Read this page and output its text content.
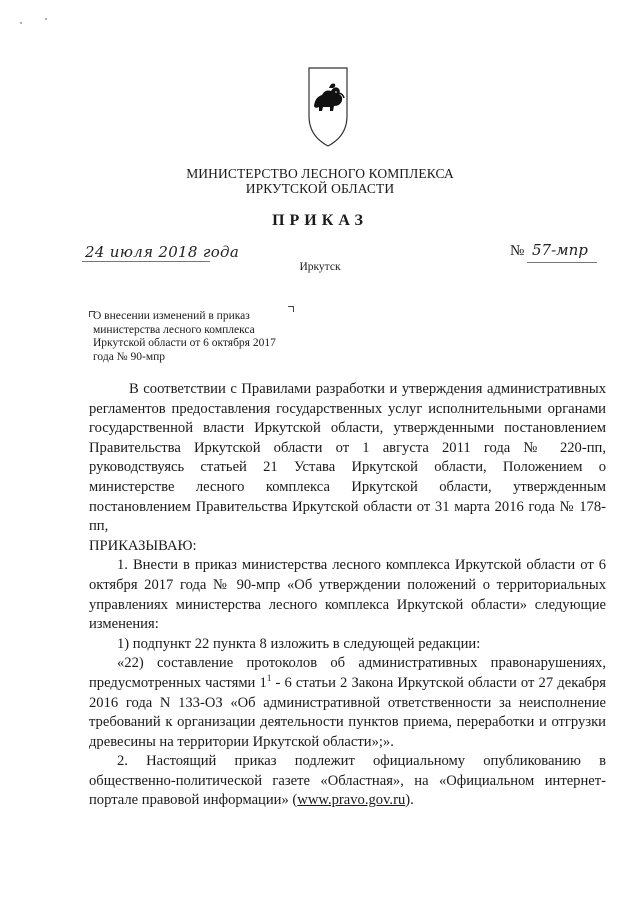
МИНИСТЕРСТВО ЛЕСНОГО КОМПЛЕКСА
ИРКУТСКОЙ ОБЛАСТИ
ПРИКАЗ
24 июля 2018 года
Иркутск
№ 57-мпр
О внесении изменений в приказ министерства лесного комплекса Иркутской области от 6 октября 2017 года № 90-мпр

В соответствии с Правилами разработки и утверждения административных регламентов предоставления государственных услуг исполнительными органами государственной власти Иркутской области, утвержденными постановлением Правительства Иркутской области от 1 августа 2011 года № 220-пп, руководствуясь статьей 21 Устава Иркутской области, Положением о министерстве лесного комплекса Иркутской области, утвержденным постановлением Правительства Иркутской области от 31 марта 2016 года № 178-пп,

ПРИКАЗЫВАЮ:

1. Внести в приказ министерства лесного комплекса Иркутской области от 6 октября 2017 года № 90-мпр «Об утверждении положений о территориальных управлениях министерства лесного комплекса Иркутской области» следующие изменения:

1) подпункт 22 пункта 8 изложить в следующей редакции:

«22) составление протоколов об административных правонарушениях, предусмотренных частями $1^1 - 6$ статьи 2 Закона Иркутской области от 27 декабря 2016 года N 133-ОЗ «Об административной ответственности за неисполнение требований к организации деятельности пунктов приема, переработки и отгрузки древесины на территории Иркутской области»;».

2. Настоящий приказ подлежит официальному опубликованию в общественно-политической газете «Областная», на «Официальном интернет-портале правовой информации» (www.pravo.gov.ru).
